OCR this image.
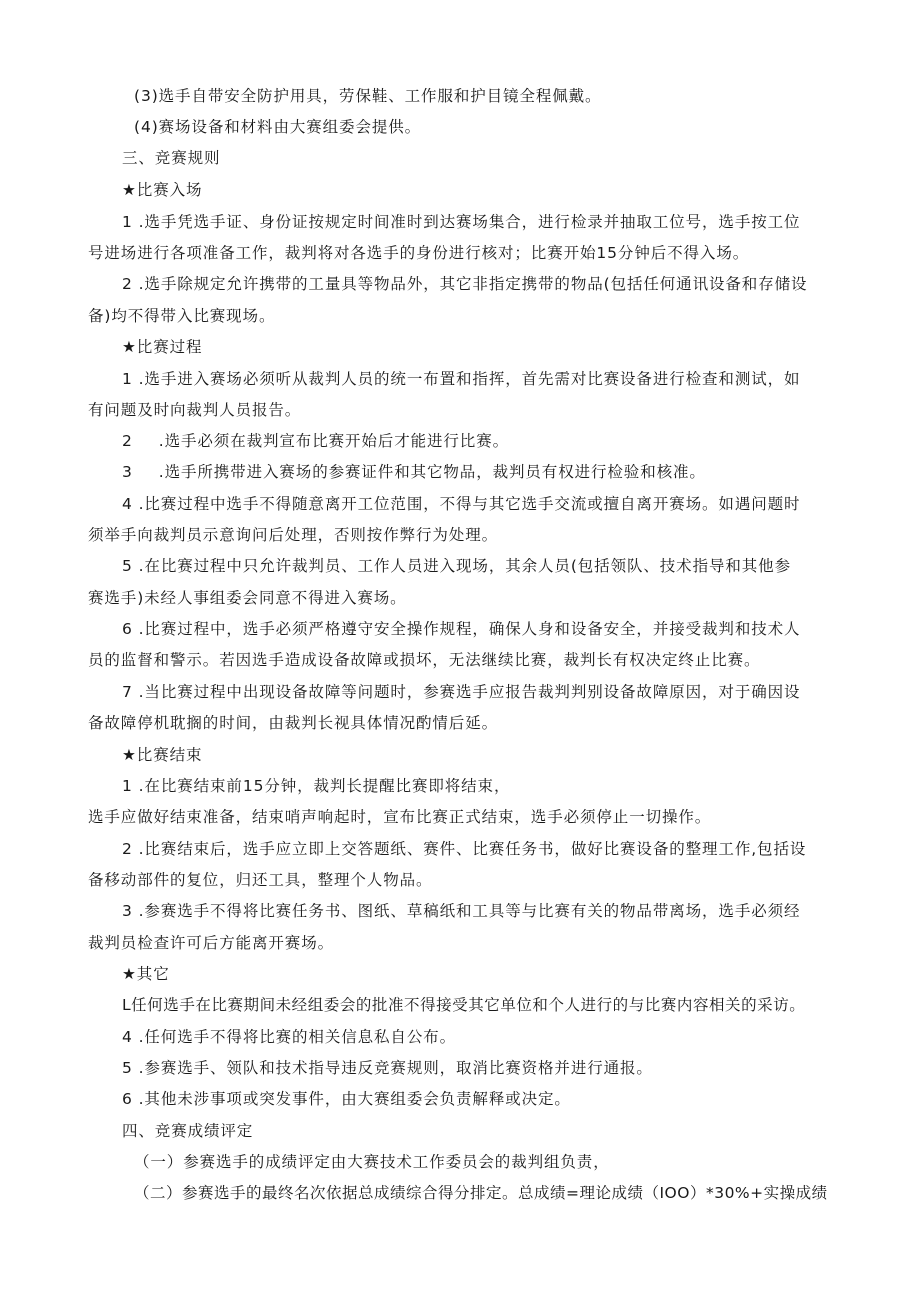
(3)选手自带安全防护用具，劳保鞋、工作服和护目镜全程佩戴。
(4)赛场设备和材料由大赛组委会提供。
三、竞赛规则
★比赛入场
1 .选手凭选手证、身份证按规定时间准时到达赛场集合，进行检录并抽取工位号，选手按工位
号进场进行各项准备工作，裁判将对各选手的身份进行核对；比赛开始15分钟后不得入场。
2 .选手除规定允许携带的工量具等物品外，其它非指定携带的物品(包括任何通讯设备和存储设
备)均不得带入比赛现场。
★比赛过程
1 .选手进入赛场必须听从裁判人员的统一布置和指挥，首先需对比赛设备进行检查和测试，如
有问题及时向裁判人员报告。
2 .选手必须在裁判宣布比赛开始后才能进行比赛。
3 .选手所携带进入赛场的参赛证件和其它物品，裁判员有权进行检验和核准。
4 .比赛过程中选手不得随意离开工位范围，不得与其它选手交流或擅自离开赛场。如遇问题时
须举手向裁判员示意询问后处理，否则按作弊行为处理。
5 .在比赛过程中只允许裁判员、工作人员进入现场，其余人员(包括领队、技术指导和其他参
赛选手)未经人事组委会同意不得进入赛场。
6 .比赛过程中，选手必须严格遵守安全操作规程，确保人身和设备安全，并接受裁判和技术人
员的监督和警示。若因选手造成设备故障或损坏，无法继续比赛，裁判长有权决定终止比赛。
7 .当比赛过程中出现设备故障等问题时，参赛选手应报告裁判判别设备故障原因，对于确因设
备故障停机耽搁的时间，由裁判长视具体情况酌情后延。
★比赛结束
1 .在比赛结束前15分钟，裁判长提醒比赛即将结束，
选手应做好结束准备，结束哨声响起时，宣布比赛正式结束，选手必须停止一切操作。
2 .比赛结束后，选手应立即上交答题纸、赛件、比赛任务书，做好比赛设备的整理工作,包括设
备移动部件的复位，归还工具，整理个人物品。
3 .参赛选手不得将比赛任务书、图纸、草稿纸和工具等与比赛有关的物品带离场，选手必须经
裁判员检查许可后方能离开赛场。
★其它
L任何选手在比赛期间未经组委会的批准不得接受其它单位和个人进行的与比赛内容相关的采访。
4 .任何选手不得将比赛的相关信息私自公布。
5 .参赛选手、领队和技术指导违反竞赛规则，取消比赛资格并进行通报。
6 .其他未涉事项或突发事件，由大赛组委会负责解释或决定。
四、竞赛成绩评定
（一）参赛选手的成绩评定由大赛技术工作委员会的裁判组负责，
（二）参赛选手的最终名次依据总成绩综合得分排定。总成绩=理论成绩（IOO）*30%+实操成绩
